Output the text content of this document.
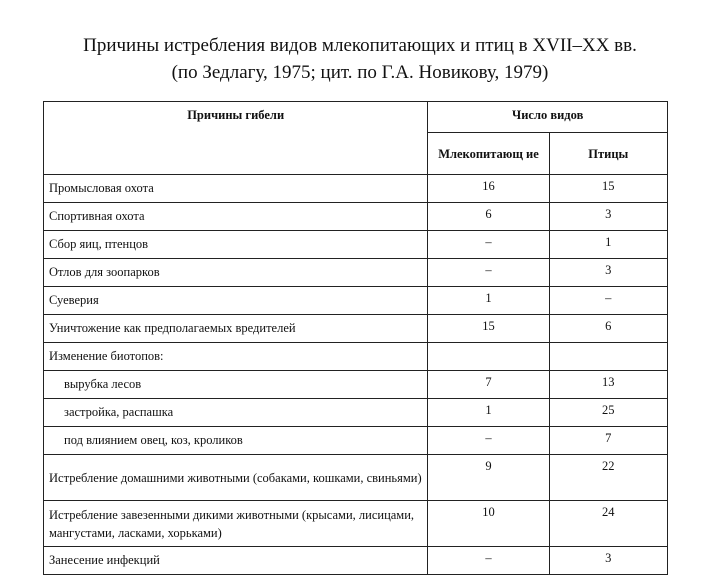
Причины истребления видов млекопитающих и птиц в XVII–XX вв.
(по Зедлагу, 1975; цит. по Г.А. Новикову, 1979)
Причины гибели	Число видов	
	Млекопитающ ие	Птицы
Промысловая охота	16	15
Спортивная охота	6	3
Сбор яиц, птенцов	–	1
Отлов для зоопарков	–	3
Суеверия	1	–
Уничтожение как предполагаемых вредителей	15	6
Изменение биотопов:		
вырубка лесов	7	13
застройка, распашка	1	25
под влиянием овец, коз, кроликов	–	7
Истребление домашними животными (собаками, кошками, свиньями)	9	22
Истребление завезенными дикими животными (крысами, лисицами, мангустами, ласками, хорьками)	10	24
Занесение инфекций	–	3
